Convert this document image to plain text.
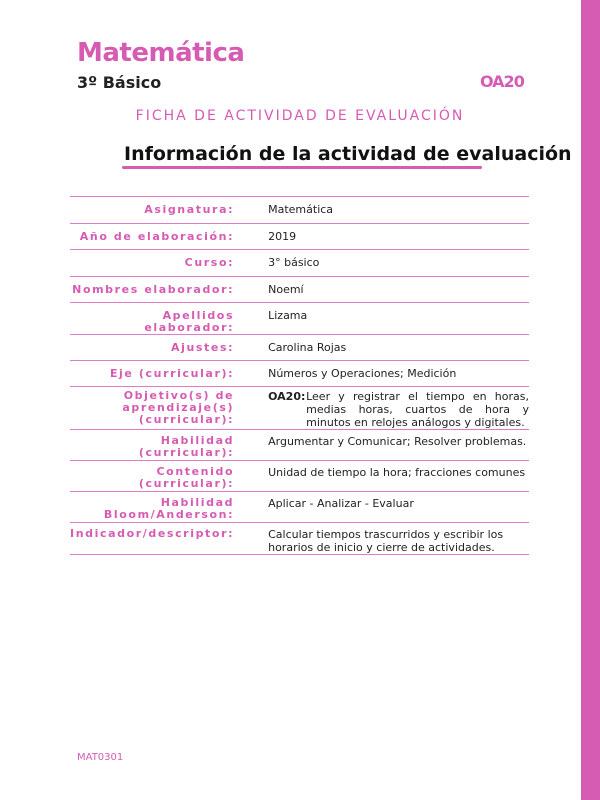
Matemática
3º Básico	OA20
FICHA DE ACTIVIDAD DE EVALUACIÓN
Información de la actividad de evaluación
Asignatura:	Matemática
Año de elaboración:	2019
Curso:	3° básico
Nombres elaborador:	Noemí
Apellidos elaborador:	Lizama
Ajustes:	Carolina Rojas
Eje (curricular):	Números y Operaciones; Medición
Objetivo(s) de aprendizaje(s) (curricular):	OA20: Leer y registrar el tiempo en horas, medias horas, cuartos de hora y minutos en relojes análogos y digitales.

Habilidad (curricular):	Argumentar y Comunicar; Resolver problemas.
Contenido (curricular):	Unidad de tiempo la hora; fracciones comunes
Habilidad Bloom/Anderson:	Aplicar - Analizar - Evaluar
Indicador/descriptor:	Calcular tiempos trascurridos y escribir los horarios de inicio y cierre de actividades.
MAT0301
